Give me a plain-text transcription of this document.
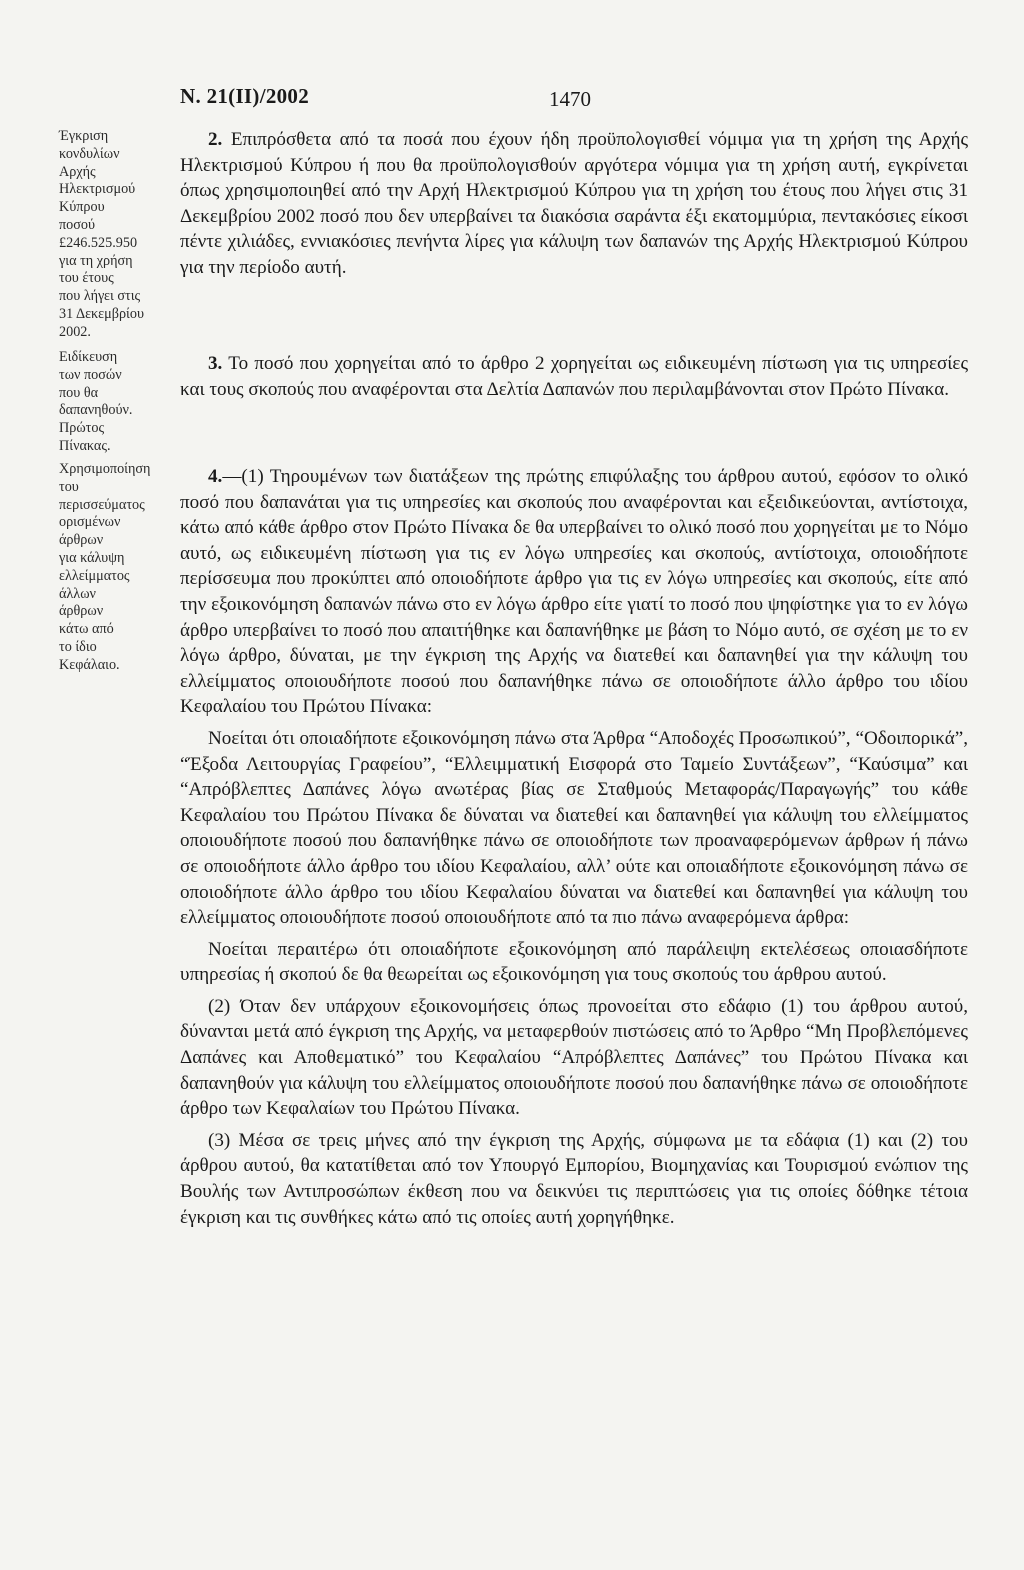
Ν. 21(ΙΙ)/2002	1470
Έγκριση
κονδυλίων
Αρχής
Ηλεκτρισμού
Κύπρου
ποσού
£246.525.950
για τη χρήση
του έτους
που λήγει στις
31 Δεκεμβρίου
2002.
Ειδίκευση
των ποσών
που θα
δαπανηθούν.
Πρώτος
Πίνακας.
Χρησιμοποίηση
του
περισσεύματος
ορισμένων
άρθρων
για κάλυψη
ελλείμματος
άλλων
άρθρων
κάτω από
το ίδιο
Κεφάλαιο.

2. Επιπρόσθετα από τα ποσά που έχουν ήδη προϋπολογισθεί νόμιμα για τη χρήση της Αρχής Ηλεκτρισμού Κύπρου ή που θα προϋπολογισθούν αργότερα νόμιμα για τη χρήση αυτή, εγκρίνεται όπως χρησιμοποιηθεί από την Αρχή Ηλεκτρισμού Κύπρου για τη χρήση του έτους που λήγει στις 31 Δεκεμβρίου 2002 ποσό που δεν υπερβαίνει τα διακόσια σαράντα έξι εκατομμύρια, πεντακόσιες είκοσι πέντε χιλιάδες, εννιακόσιες πενήντα λίρες για κάλυψη των δαπανών της Αρχής Ηλεκτρισμού Κύπρου για την περίοδο αυτή.

3. Το ποσό που χορηγείται από το άρθρο 2 χορηγείται ως ειδικευμένη πίστωση για τις υπηρεσίες και τους σκοπούς που αναφέρονται στα Δελτία Δαπανών που περιλαμβάνονται στον Πρώτο Πίνακα.

4.—(1) Τηρουμένων των διατάξεων της πρώτης επιφύλαξης του άρθρου αυτού, εφόσον το ολικό ποσό που δαπανάται για τις υπηρεσίες και σκοπούς που αναφέρονται και εξειδικεύονται, αντίστοιχα, κάτω από κάθε άρθρο στον Πρώτο Πίνακα δε θα υπερβαίνει το ολικό ποσό που χορηγείται με το Νόμο αυτό, ως ειδικευμένη πίστωση για τις εν λόγω υπηρεσίες και σκοπούς, αντίστοιχα, οποιοδήποτε περίσσευμα που προκύπτει από οποιοδήποτε άρθρο για τις εν λόγω υπηρεσίες και σκοπούς, είτε από την εξοικονόμηση δαπανών πάνω στο εν λόγω άρθρο είτε γιατί το ποσό που ψηφίστηκε για το εν λόγω άρθρο υπερβαίνει το ποσό που απαιτήθηκε και δαπανήθηκε με βάση το Νόμο αυτό, σε σχέση με το εν λόγω άρθρο, δύναται, με την έγκριση της Αρχής να διατεθεί και δαπανηθεί για την κάλυψη του ελλείμματος οποιουδήποτε ποσού που δαπανήθηκε πάνω σε οποιοδήποτε άλλο άρθρο του ιδίου Κεφαλαίου του Πρώτου Πίνακα:

Νοείται ότι οποιαδήποτε εξοικονόμηση πάνω στα Άρθρα “Αποδοχές Προσωπικού”, “Οδοιπορικά”, “Έξοδα Λειτουργίας Γραφείου”, “Ελλειμματική Εισφορά στο Ταμείο Συντάξεων”, “Καύσιμα” και “Απρόβλεπτες Δαπάνες λόγω ανωτέρας βίας σε Σταθμούς Μεταφοράς/Παραγωγής” του κάθε Κεφαλαίου του Πρώτου Πίνακα δε δύναται να διατεθεί και δαπανηθεί για κάλυψη του ελλείμματος οποιουδήποτε ποσού που δαπανήθηκε πάνω σε οποιοδήποτε των προαναφερόμενων άρθρων ή πάνω σε οποιοδήποτε άλλο άρθρο του ιδίου Κεφαλαίου, αλλ’ ούτε και οποιαδήποτε εξοικονόμηση πάνω σε οποιοδήποτε άλλο άρθρο του ιδίου Κεφαλαίου δύναται να διατεθεί και δαπανηθεί για κάλυψη του ελλείμματος οποιουδήποτε ποσού οποιουδήποτε από τα πιο πάνω αναφερόμενα άρθρα:

Νοείται περαιτέρω ότι οποιαδήποτε εξοικονόμηση από παράλειψη εκτελέσεως οποιασδήποτε υπηρεσίας ή σκοπού δε θα θεωρείται ως εξοικονόμηση για τους σκοπούς του άρθρου αυτού.

(2) Όταν δεν υπάρχουν εξοικονομήσεις όπως προνοείται στο εδάφιο (1) του άρθρου αυτού, δύνανται μετά από έγκριση της Αρχής, να μεταφερθούν πιστώσεις από το Άρθρο “Μη Προβλεπόμενες Δαπάνες και Αποθεματικό” του Κεφαλαίου “Απρόβλεπτες Δαπάνες” του Πρώτου Πίνακα και δαπανηθούν για κάλυψη του ελλείμματος οποιουδήποτε ποσού που δαπανήθηκε πάνω σε οποιοδήποτε άρθρο των Κεφαλαίων του Πρώτου Πίνακα.

(3) Μέσα σε τρεις μήνες από την έγκριση της Αρχής, σύμφωνα με τα εδάφια (1) και (2) του άρθρου αυτού, θα κατατίθεται από τον Υπουργό Εμπορίου, Βιομηχανίας και Τουρισμού ενώπιον της Βουλής των Αντιπροσώπων έκθεση που να δεικνύει τις περιπτώσεις για τις οποίες δόθηκε τέτοια έγκριση και τις συνθήκες κάτω από τις οποίες αυτή χορηγήθηκε.
